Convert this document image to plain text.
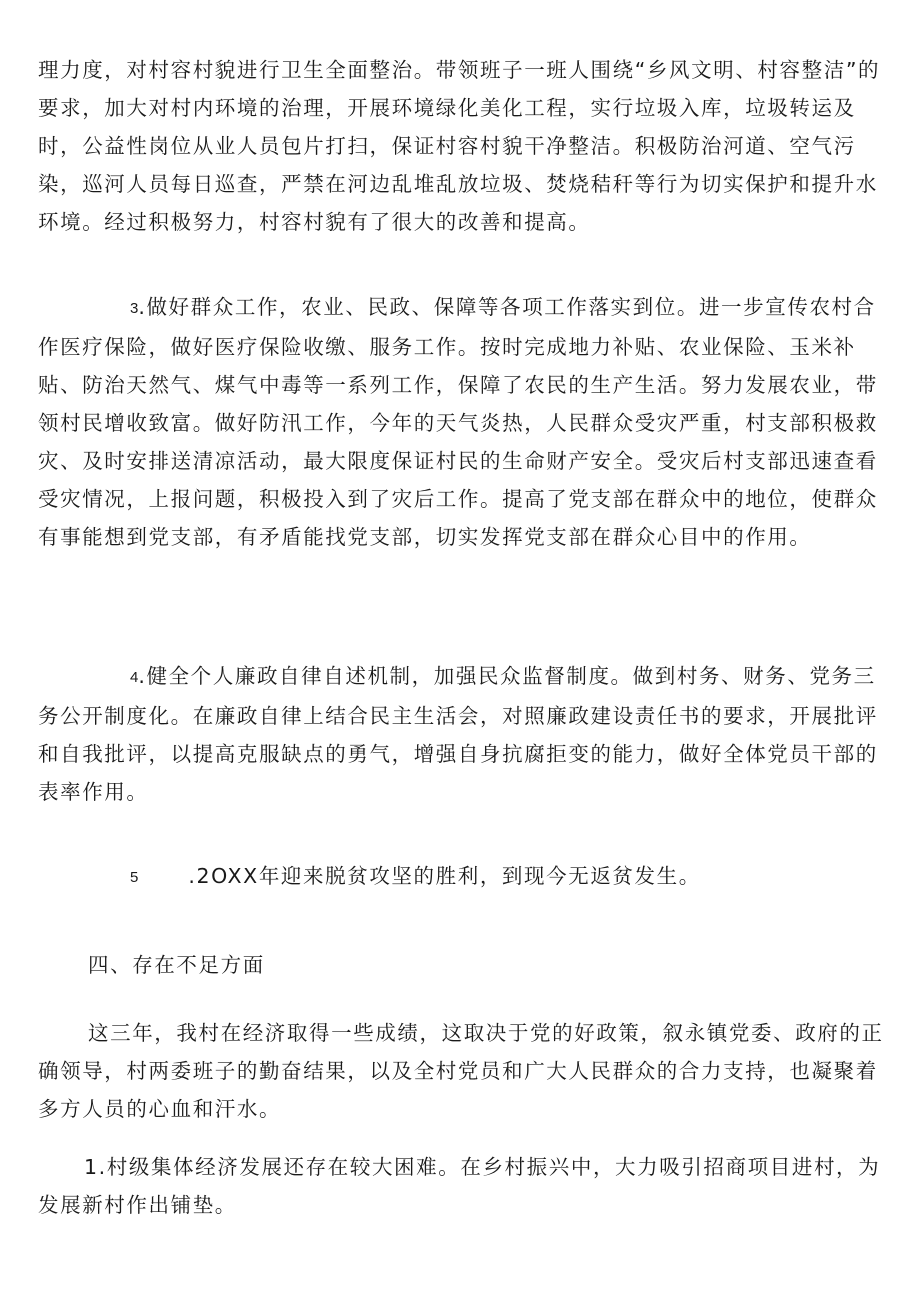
理力度，对村容村貌进行卫生全面整治。带领班子一班人围绕“乡风文明、村容整洁”的要求，加大对村内环境的治理，开展环境绿化美化工程，实行垃圾入库，垃圾转运及时，公益性岗位从业人员包片打扫，保证村容村貌干净整洁。积极防治河道、空气污染，巡河人员每日巡查，严禁在河边乱堆乱放垃圾、焚烧秸秆等行为切实保护和提升水环境。经过积极努力，村容村貌有了很大的改善和提高。

3.做好群众工作，农业、民政、保障等各项工作落实到位。进一步宣传农村合作医疗保险，做好医疗保险收缴、服务工作。按时完成地力补贴、农业保险、玉米补贴、防治天然气、煤气中毒等一系列工作，保障了农民的生产生活。努力发展农业，带领村民增收致富。做好防汛工作，今年的天气炎热，人民群众受灾严重，村支部积极救灾、及时安排送清凉活动，最大限度保证村民的生命财产安全。受灾后村支部迅速查看受灾情况，上报问题，积极投入到了灾后工作。提高了党支部在群众中的地位，使群众有事能想到党支部，有矛盾能找党支部，切实发挥党支部在群众心目中的作用。

4.健全个人廉政自律自述机制，加强民众监督制度。做到村务、财务、党务三务公开制度化。在廉政自律上结合民主生活会，对照廉政建设责任书的要求，开展批评和自我批评，以提高克服缺点的勇气，增强自身抗腐拒变的能力，做好全体党员干部的表率作用。

5 .2OXX年迎来脱贫攻坚的胜利，到现今无返贫发生。

四、存在不足方面

这三年，我村在经济取得一些成绩，这取决于党的好政策，叙永镇党委、政府的正确领导，村两委班子的勤奋结果，以及全村党员和广大人民群众的合力支持，也凝聚着多方人员的心血和汗水。

1.村级集体经济发展还存在较大困难。在乡村振兴中，大力吸引招商项目进村，为发展新村作出铺垫。
